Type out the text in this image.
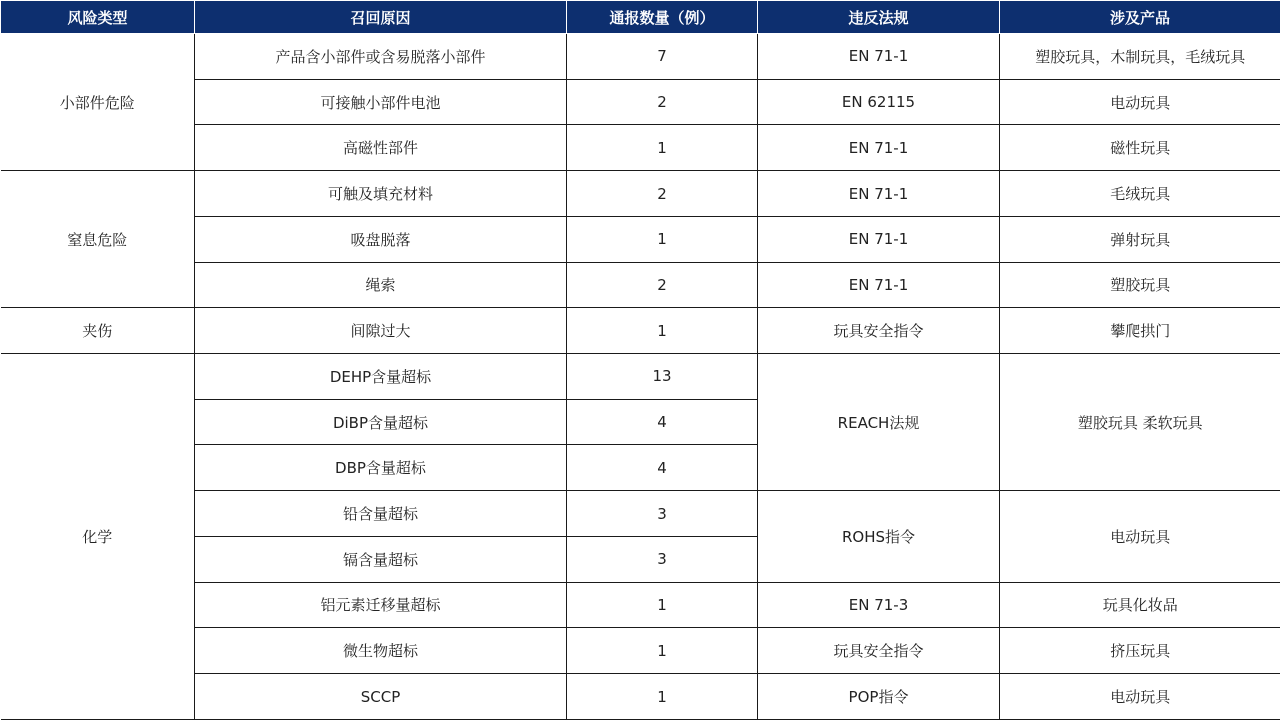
风险类型	召回原因	通报数量（例）	违反法规	涉及产品
小部件危险	产品含小部件或含易脱落小部件	7	EN 71-1	塑胶玩具，木制玩具，毛绒玩具
	可接触小部件电池	2	EN 62115	电动玩具
	高磁性部件	1	EN 71-1	磁性玩具
窒息危险	可触及填充材料	2	EN 71-1	毛绒玩具
	吸盘脱落	1	EN 71-1	弹射玩具
	绳索	2	EN 71-1	塑胶玩具
夹伤	间隙过大	1	玩具安全指令	攀爬拱门
化学	DEHP含量超标	13	REACH法规	塑胶玩具 柔软玩具
	DiBP含量超标	4		
	DBP含量超标	4		
	铅含量超标	3	ROHS指令	电动玩具
	镉含量超标	3		
	铝元素迁移量超标	1	EN 71-3	玩具化妆品
	微生物超标	1	玩具安全指令	挤压玩具
	SCCP	1	POP指令	电动玩具
